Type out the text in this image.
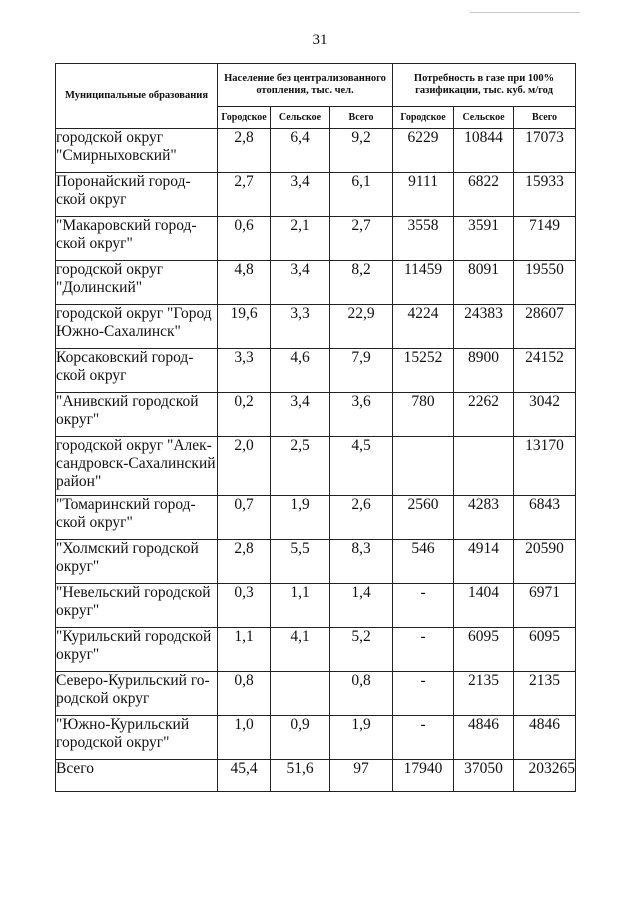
31
Муниципальные образования	Население без централизованного отопления, тыс. чел.			Потребность в газе при 100% газификации, тыс. куб. м/год		
	Городское	Сельское	Всего	Городское	Сельское	Всего
городской округ "Смирныховский"	2,8	6,4	9,2	6229	10844	17073
Поронайский город-ской округ	2,7	3,4	6,1	9111	6822	15933
"Макаровский город-ской округ"	0,6	2,1	2,7	3558	3591	7149
городской округ "Долинский"	4,8	3,4	8,2	11459	8091	19550
городской округ "Город Южно-Сахалинск"	19,6	3,3	22,9	4224	24383	28607
Корсаковский город-ской округ	3,3	4,6	7,9	15252	8900	24152
"Анивский городской округ"	0,2	3,4	3,6	780	2262	3042
городской округ "Алек-сандровск-Сахалинский район"	2,0	2,5	4,5			13170
"Томаринский город-ской округ"	0,7	1,9	2,6	2560	4283	6843
"Холмский городской округ"	2,8	5,5	8,3	546	4914	20590
"Невельский городской округ"	0,3	1,1	1,4	-	1404	6971
"Курильский городской округ"	1,1	4,1	5,2	-	6095	6095
Северо-Курильский го-родской округ	0,8		0,8	-	2135	2135
"Южно-Курильский городской округ"	1,0	0,9	1,9	-	4846	4846
Всего	45,4	51,6	97	17940	37050	203265
